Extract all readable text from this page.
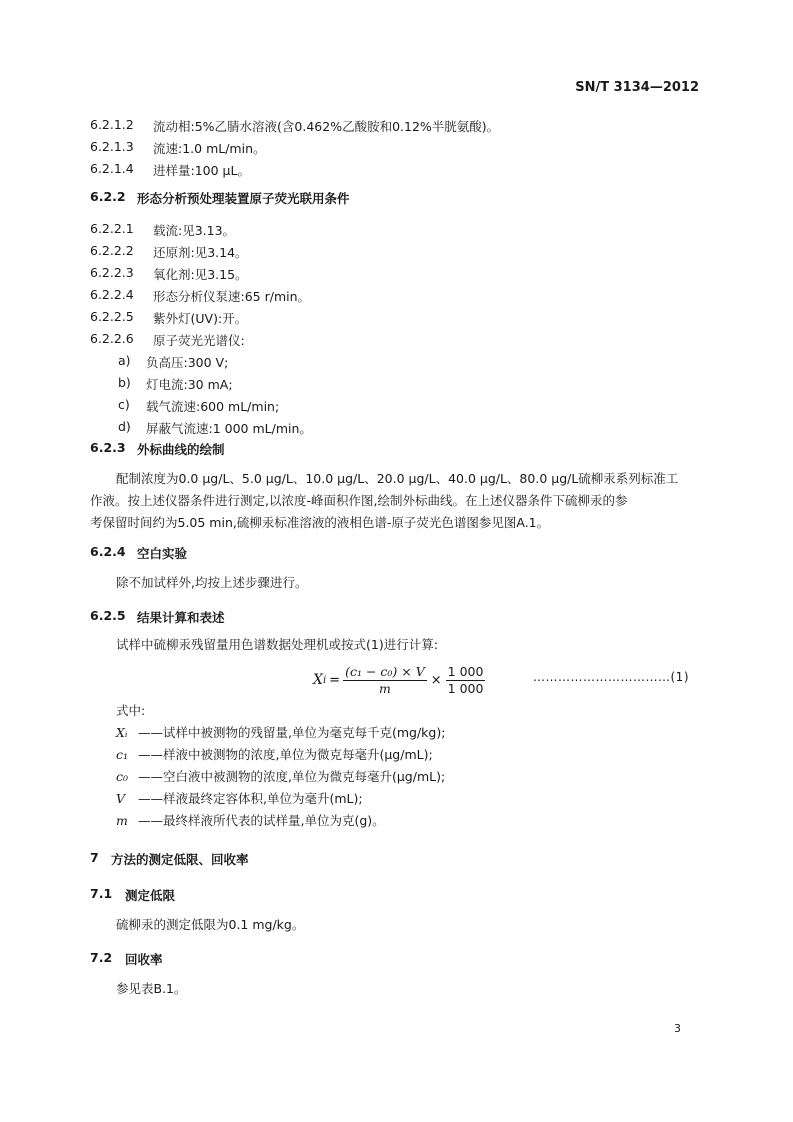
SN/T 3134—2012
6.2.1.2 流动相:5%乙腈水溶液(含0.462%乙酸胺和0.12%半胱氨酸)。
6.2.1.3 流速:1.0 mL/min。
6.2.1.4 进样量:100 μL。
6.2.2 形态分析预处理装置原子荧光联用条件
6.2.2.1 载流:见3.13。
6.2.2.2 还原剂:见3.14。
6.2.2.3 氧化剂:见3.15。
6.2.2.4 形态分析仪泵速:65 r/min。
6.2.2.5 紫外灯(UV):开。
6.2.2.6 原子荧光光谱仪:
a) 负高压:300 V;
b) 灯电流:30 mA;
c) 载气流速:600 mL/min;
d) 屏蔽气流速:1 000 mL/min。
6.2.3 外标曲线的绘制
配制浓度为0.0 μg/L、5.0 μg/L、10.0 μg/L、20.0 μg/L、40.0 μg/L、80.0 μg/L硫柳汞系列标准工
作液。按上述仪器条件进行测定,以浓度-峰面积作图,绘制外标曲线。在上述仪器条件下硫柳汞的参
考保留时间约为5.05 min,硫柳汞标准溶液的液相色谱-原子荧光色谱图参见图A.1。
6.2.4 空白实验
除不加试样外,均按上述步骤进行。
6.2.5 结果计算和表述
试样中硫柳汞残留量用色谱数据处理机或按式(1)进行计算:
X $i = \frac{\text{(c₁ − c₀) × V}}{m} \times \frac{1 000}{1 000}$	……………………………(1)
式中:
Xᵢ ——试样中被测物的残留量,单位为毫克每千克(mg/kg);
c₁ ——样液中被测物的浓度,单位为微克每毫升(μg/mL);
c₀ ——空白液中被测物的浓度,单位为微克每毫升(μg/mL);
V ——样液最终定容体积,单位为毫升(mL);
m ——最终样液所代表的试样量,单位为克(g)。
7 方法的测定低限、回收率
7.1 测定低限
硫柳汞的测定低限为0.1 mg/kg。
7.2 回收率
参见表B.1。
3
